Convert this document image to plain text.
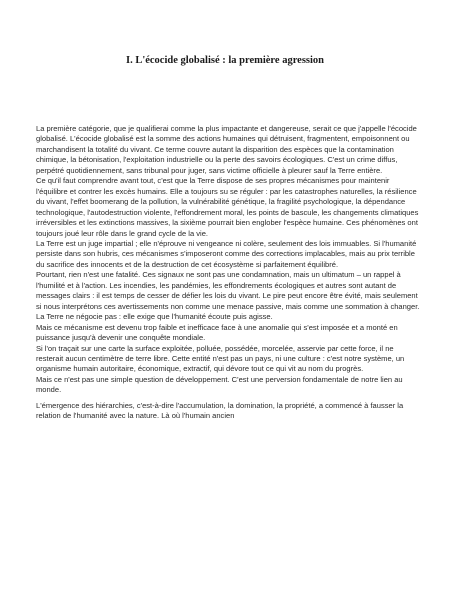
I. L'écocide globalisé : la première agression

La première catégorie, que je qualifierai comme la plus impactante et dangereuse, serait ce que j'appelle l'écocide globalisé. L'écocide globalisé est la somme des actions humaines qui détruisent, fragmentent, empoisonnent ou marchandisent la totalité du vivant. Ce terme couvre autant la disparition des espèces que la contamination chimique, la bétonisation, l'exploitation industrielle ou la perte des savoirs écologiques. C'est un crime diffus, perpétré quotidiennement, sans tribunal pour juger, sans victime officielle à pleurer sauf la Terre entière.

Ce qu'il faut comprendre avant tout, c'est que la Terre dispose de ses propres mécanismes pour maintenir l'équilibre et contrer les excès humains. Elle a toujours su se réguler : par les catastrophes naturelles, la résilience du vivant, l'effet boomerang de la pollution, la vulnérabilité génétique, la fragilité psychologique, la dépendance technologique, l'autodestruction violente, l'effondrement moral, les points de bascule, les changements climatiques irréversibles et les extinctions massives, la sixième pourrait bien englober l'espèce humaine. Ces phénomènes ont toujours joué leur rôle dans le grand cycle de la vie.

La Terre est un juge impartial ; elle n'éprouve ni vengeance ni colère, seulement des lois immuables. Si l'humanité persiste dans son hubris, ces mécanismes s'imposeront comme des corrections implacables, mais au prix terrible du sacrifice des innocents et de la destruction de cet écosystème si parfaitement équilibré.

Pourtant, rien n'est une fatalité. Ces signaux ne sont pas une condamnation, mais un ultimatum – un rappel à l'humilité et à l'action. Les incendies, les pandémies, les effondrements écologiques et autres sont autant de messages clairs : il est temps de cesser de défier les lois du vivant. Le pire peut encore être évité, mais seulement si nous interprétons ces avertissements non comme une menace passive, mais comme une sommation à changer. La Terre ne négocie pas : elle exige que l'humanité écoute puis agisse.

Mais ce mécanisme est devenu trop faible et inefficace face à une anomalie qui s'est imposée et a monté en puissance jusqu'à devenir une conquête mondiale.

Si l'on traçait sur une carte la surface exploitée, polluée, possédée, morcelée, asservie par cette force, il ne resterait aucun centimètre de terre libre. Cette entité n'est pas un pays, ni une culture : c'est notre système, un organisme humain autoritaire, économique, extractif, qui dévore tout ce qui vit au nom du progrès.

Mais ce n'est pas une simple question de développement. C'est une perversion fondamentale de notre lien au monde.

L'émergence des hiérarchies, c'est-à-dire l'accumulation, la domination, la propriété, a commencé à fausser la relation de l'humanité avec la nature. Là où l'humain ancien
